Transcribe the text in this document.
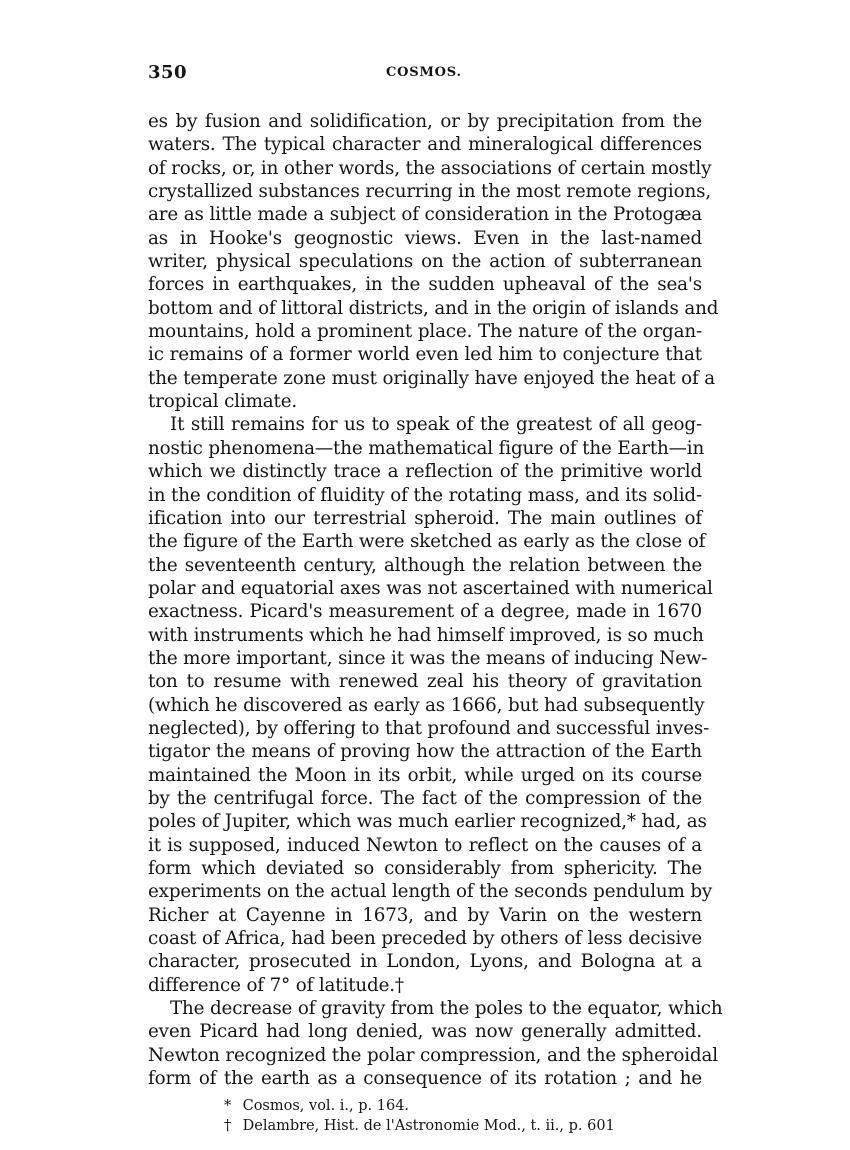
350	COSMOS.
es by fusion and solidification, or by precipitation from the
waters. The typical character and mineralogical differences
of rocks, or, in other words, the associations of certain mostly
crystallized substances recurring in the most remote regions,
are as little made a subject of consideration in the Protogæa
as in Hooke's geognostic views. Even in the last-named
writer, physical speculations on the action of subterranean
forces in earthquakes, in the sudden upheaval of the sea's
bottom and of littoral districts, and in the origin of islands and
mountains, hold a prominent place. The nature of the organ-
ic remains of a former world even led him to conjecture that
the temperate zone must originally have enjoyed the heat of a
tropical climate.
It still remains for us to speak of the greatest of all geog-
nostic phenomena—the mathematical figure of the Earth—in
which we distinctly trace a reflection of the primitive world
in the condition of fluidity of the rotating mass, and its solid-
ification into our terrestrial spheroid. The main outlines of
the figure of the Earth were sketched as early as the close of
the seventeenth century, although the relation between the
polar and equatorial axes was not ascertained with numerical
exactness. Picard's measurement of a degree, made in 1670
with instruments which he had himself improved, is so much
the more important, since it was the means of inducing New-
ton to resume with renewed zeal his theory of gravitation
(which he discovered as early as 1666, but had subsequently
neglected), by offering to that profound and successful inves-
tigator the means of proving how the attraction of the Earth
maintained the Moon in its orbit, while urged on its course
by the centrifugal force. The fact of the compression of the
poles of Jupiter, which was much earlier recognized,* had, as
it is supposed, induced Newton to reflect on the causes of a
form which deviated so considerably from sphericity. The
experiments on the actual length of the seconds pendulum by
Richer at Cayenne in 1673, and by Varin on the western
coast of Africa, had been preceded by others of less decisive
character, prosecuted in London, Lyons, and Bologna at a
difference of 7° of latitude.†
The decrease of gravity from the poles to the equator, which
even Picard had long denied, was now generally admitted.
Newton recognized the polar compression, and the spheroidal
form of the earth as a consequence of its rotation ; and he
* Cosmos, vol. i., p. 164.
† Delambre, Hist. de l'Astronomie Mod., t. ii., p. 601
